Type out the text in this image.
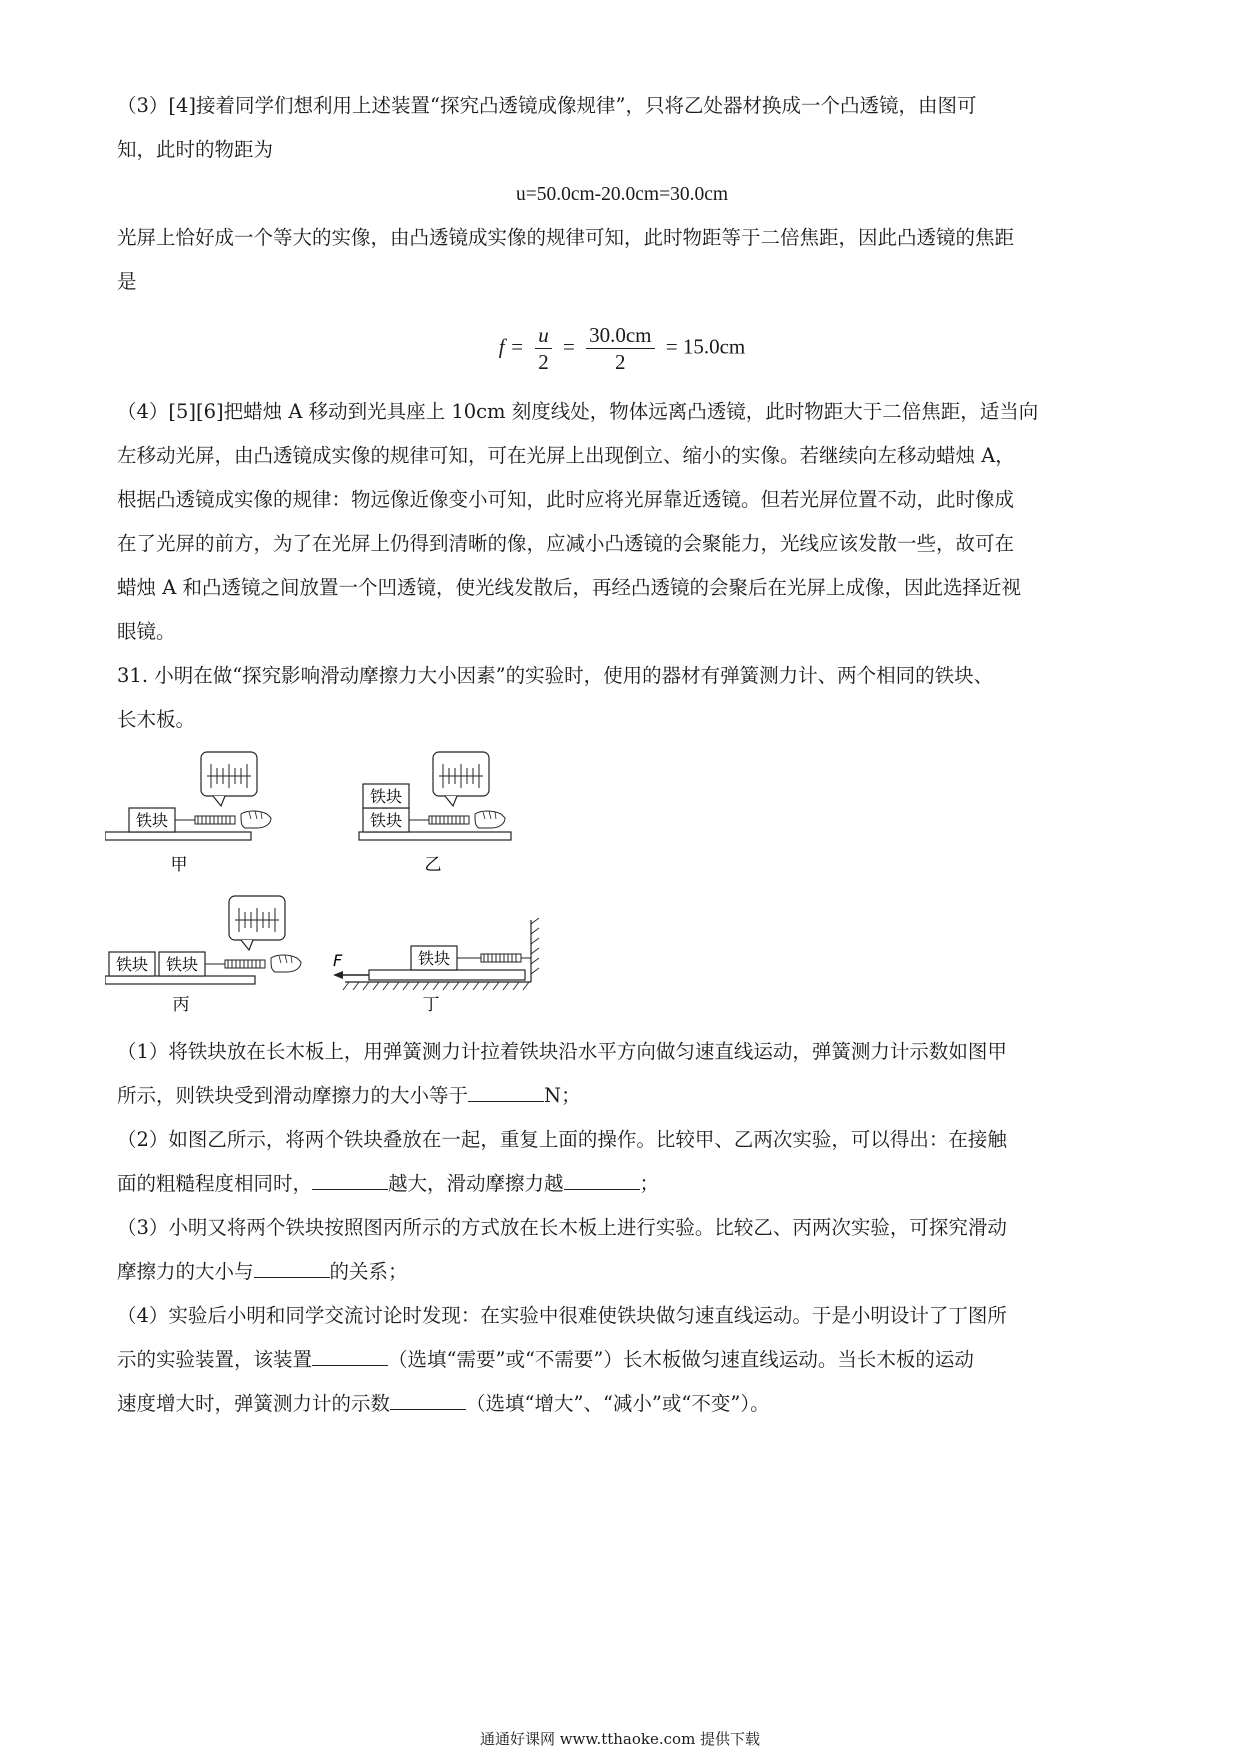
（3）[4]接着同学们想利用上述装置“探究凸透镜成像规律”，只将乙处器材换成一个凸透镜，由图可

知，此时的物距为

u=50.0cm-20.0cm=30.0cm

光屏上恰好成一个等大的实像，由凸透镜成实像的规律可知，此时物距等于二倍焦距，因此凸透镜的焦距

是

$f = \frac{u}{2} = \frac{30.0cm}{2} = 15.0cm$

（4）[5][6]把蜡烛 A 移动到光具座上 10cm 刻度线处，物体远离凸透镜，此时物距大于二倍焦距，适当向

左移动光屏，由凸透镜成实像的规律可知，可在光屏上出现倒立、缩小的实像。若继续向左移动蜡烛 A，

根据凸透镜成实像的规律：物远像近像变小可知，此时应将光屏靠近透镜。但若光屏位置不动，此时像成

在了光屏的前方，为了在光屏上仍得到清晰的像，应减小凸透镜的会聚能力，光线应该发散一些，故可在

蜡烛 A 和凸透镜之间放置一个凹透镜，使光线发散后，再经凸透镜的会聚后在光屏上成像，因此选择近视

眼镜。

31. 小明在做“探究影响滑动摩擦力大小因素”的实验时，使用的器材有弹簧测力计、两个相同的铁块、

长木板。

铁块
甲
铁块
铁块
乙
铁块 铁块
丙
铁块
F
丁

（1）将铁块放在长木板上，用弹簧测力计拉着铁块沿水平方向做匀速直线运动，弹簧测力计示数如图甲

所示，则铁块受到滑动摩擦力的大小等于	N；

（2）如图乙所示，将两个铁块叠放在一起，重复上面的操作。比较甲、乙两次实验，可以得出：在接触

面的粗糙程度相同时，	越大，滑动摩擦力越	；

（3）小明又将两个铁块按照图丙所示的方式放在长木板上进行实验。比较乙、丙两次实验，可探究滑动

摩擦力的大小与	的关系；

（4）实验后小明和同学交流讨论时发现：在实验中很难使铁块做匀速直线运动。于是小明设计了丁图所

示的实验装置，该装置	（选填“需要”或“不需要”）长木板做匀速直线运动。当长木板的运动

速度增大时，弹簧测力计的示数	（选填“增大”、“减小”或“不变”）。

通通好课网 www.tthaoke.com 提供下载
